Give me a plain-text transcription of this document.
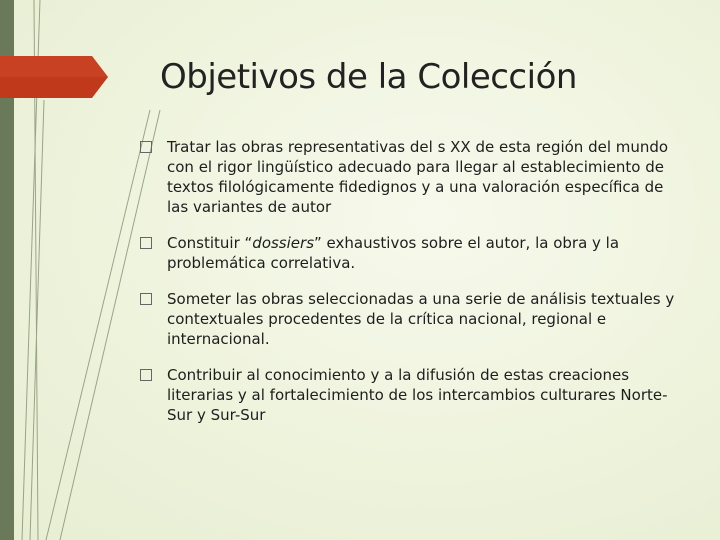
Objetivos de la Colección
Tratar las obras representativas del s XX de esta región del mundo con el rigor lingüístico adecuado para llegar al establecimiento de textos filológicamente fidedignos y a una valoración específica de las variantes de autor
Constituir “dossiers” exhaustivos sobre el autor, la obra y la problemática correlativa.
Someter las obras seleccionadas a una serie de análisis textuales y contextuales procedentes de la crítica nacional, regional e internacional.
Contribuir al conocimiento y a la difusión de estas creaciones literarias y al fortalecimiento de los intercambios culturares Norte-Sur y Sur-Sur
